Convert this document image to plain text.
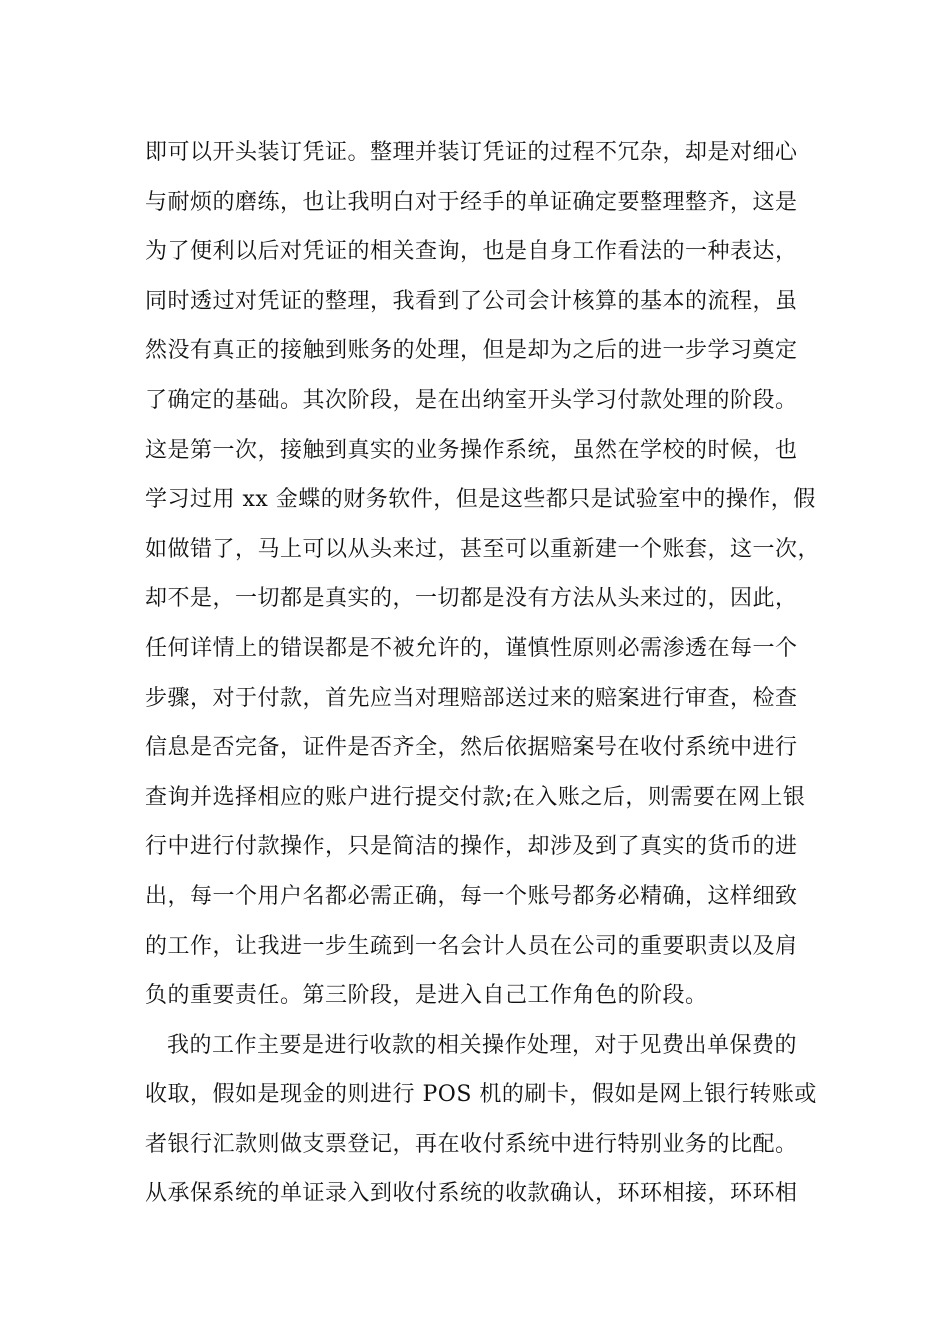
即可以开头装订凭证。整理并装订凭证的过程不冗杂，却是对细心
与耐烦的磨练，也让我明白对于经手的单证确定要整理整齐，这是
为了便利以后对凭证的相关查询，也是自身工作看法的一种表达，
同时透过对凭证的整理，我看到了公司会计核算的基本的流程，虽
然没有真正的接触到账务的处理，但是却为之后的进一步学习奠定
了确定的基础。其次阶段，是在出纳室开头学习付款处理的阶段。
这是第一次，接触到真实的业务操作系统，虽然在学校的时候，也
学习过用 xx 金蝶的财务软件，但是这些都只是试验室中的操作，假
如做错了，马上可以从头来过，甚至可以重新建一个账套，这一次，
却不是，一切都是真实的，一切都是没有方法从头来过的，因此，
任何详情上的错误都是不被允许的，谨慎性原则必需渗透在每一个
步骤，对于付款，首先应当对理赔部送过来的赔案进行审查，检查
信息是否完备，证件是否齐全，然后依据赔案号在收付系统中进行
查询并选择相应的账户进行提交付款;在入账之后，则需要在网上银
行中进行付款操作，只是简洁的操作，却涉及到了真实的货币的进
出，每一个用户名都必需正确，每一个账号都务必精确，这样细致
的工作，让我进一步生疏到一名会计人员在公司的重要职责以及肩
负的重要责任。第三阶段，是进入自己工作角色的阶段。
我的工作主要是进行收款的相关操作处理，对于见费出单保费的
收取，假如是现金的则进行 POS 机的刷卡，假如是网上银行转账或
者银行汇款则做支票登记，再在收付系统中进行特别业务的比配。
从承保系统的单证录入到收付系统的收款确认，环环相接，环环相
